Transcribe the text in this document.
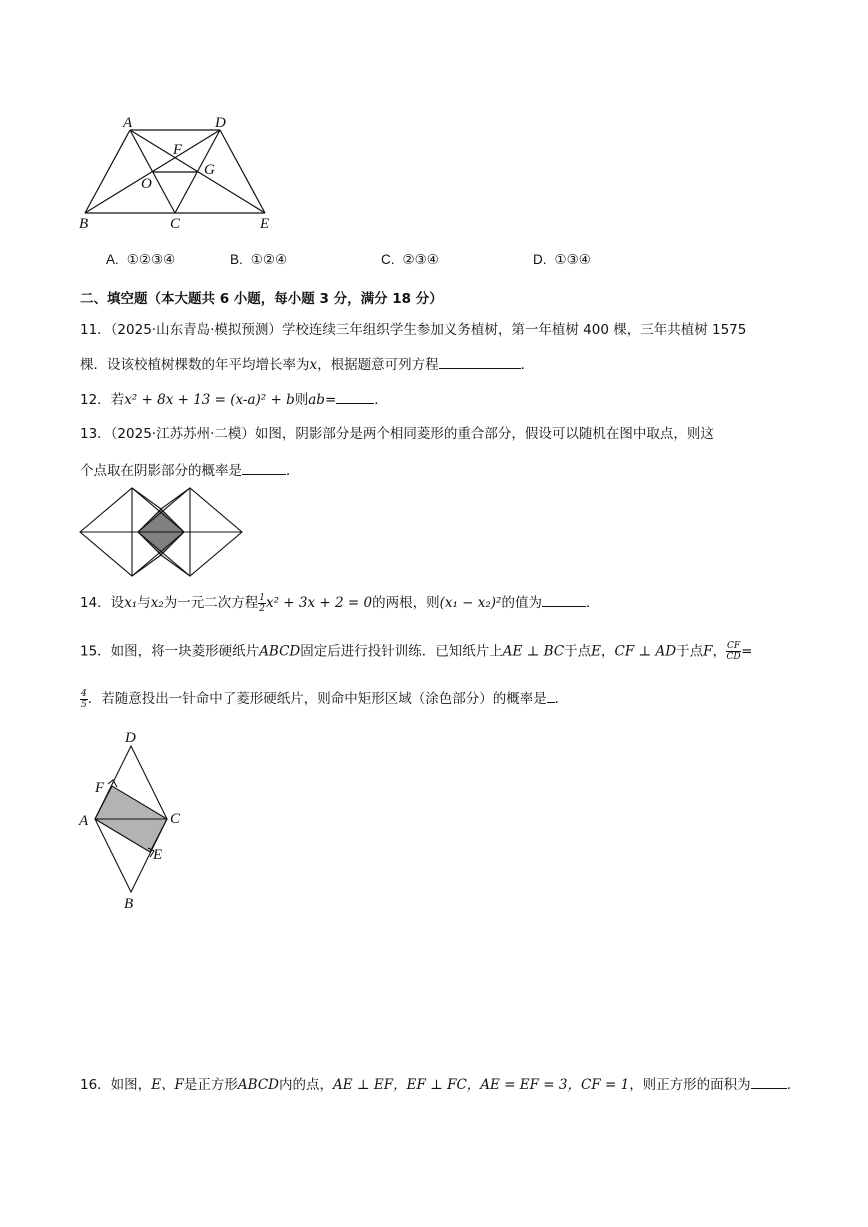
A	D
F
G
O
B	C	E
A. ①②③④	B. ①②④	C. ②③④	D. ①③④
二、填空题（本大题共 6 小题，每小题 3 分，满分 18 分）
11．（2025·山东青岛·模拟预测）学校连续三年组织学生参加义务植树，第一年植树 400 棵，三年共植树 1575
棵．设该校植树棵数的年平均增长率为x，根据题意可列方程	．
12．若x² + 8x + 13 = (x-a)² + b则ab=	．
13．（2025·江苏苏州·二模）如图，阴影部分是两个相同菱形的重合部分，假设可以随机在图中取点，则这
个点取在阴影部分的概率是	．
14．设x₁与x₂为一元二次方程 $\frac{1}{2} x^2 + 3x + 2 = 0$的两根，则(x₁ − x₂)²的值为	．
15．如图，将一块菱形硬纸片ABCD固定后进行投针训练．已知纸片上AE ⊥ BC于点E，CF ⊥ AD于点F， $\frac{CF}{CD}$ =
$\frac{4}{5}$ ．若随意投出一针命中了菱形硬纸片，则命中矩形区域（涂色部分）的概率是 ．
D
F
A	C
E
B
16．如图，E、F是正方形ABCD内的点，AE ⊥ EF，EF ⊥ FC，AE = EF = 3，CF = 1，则正方形的面积为	．
